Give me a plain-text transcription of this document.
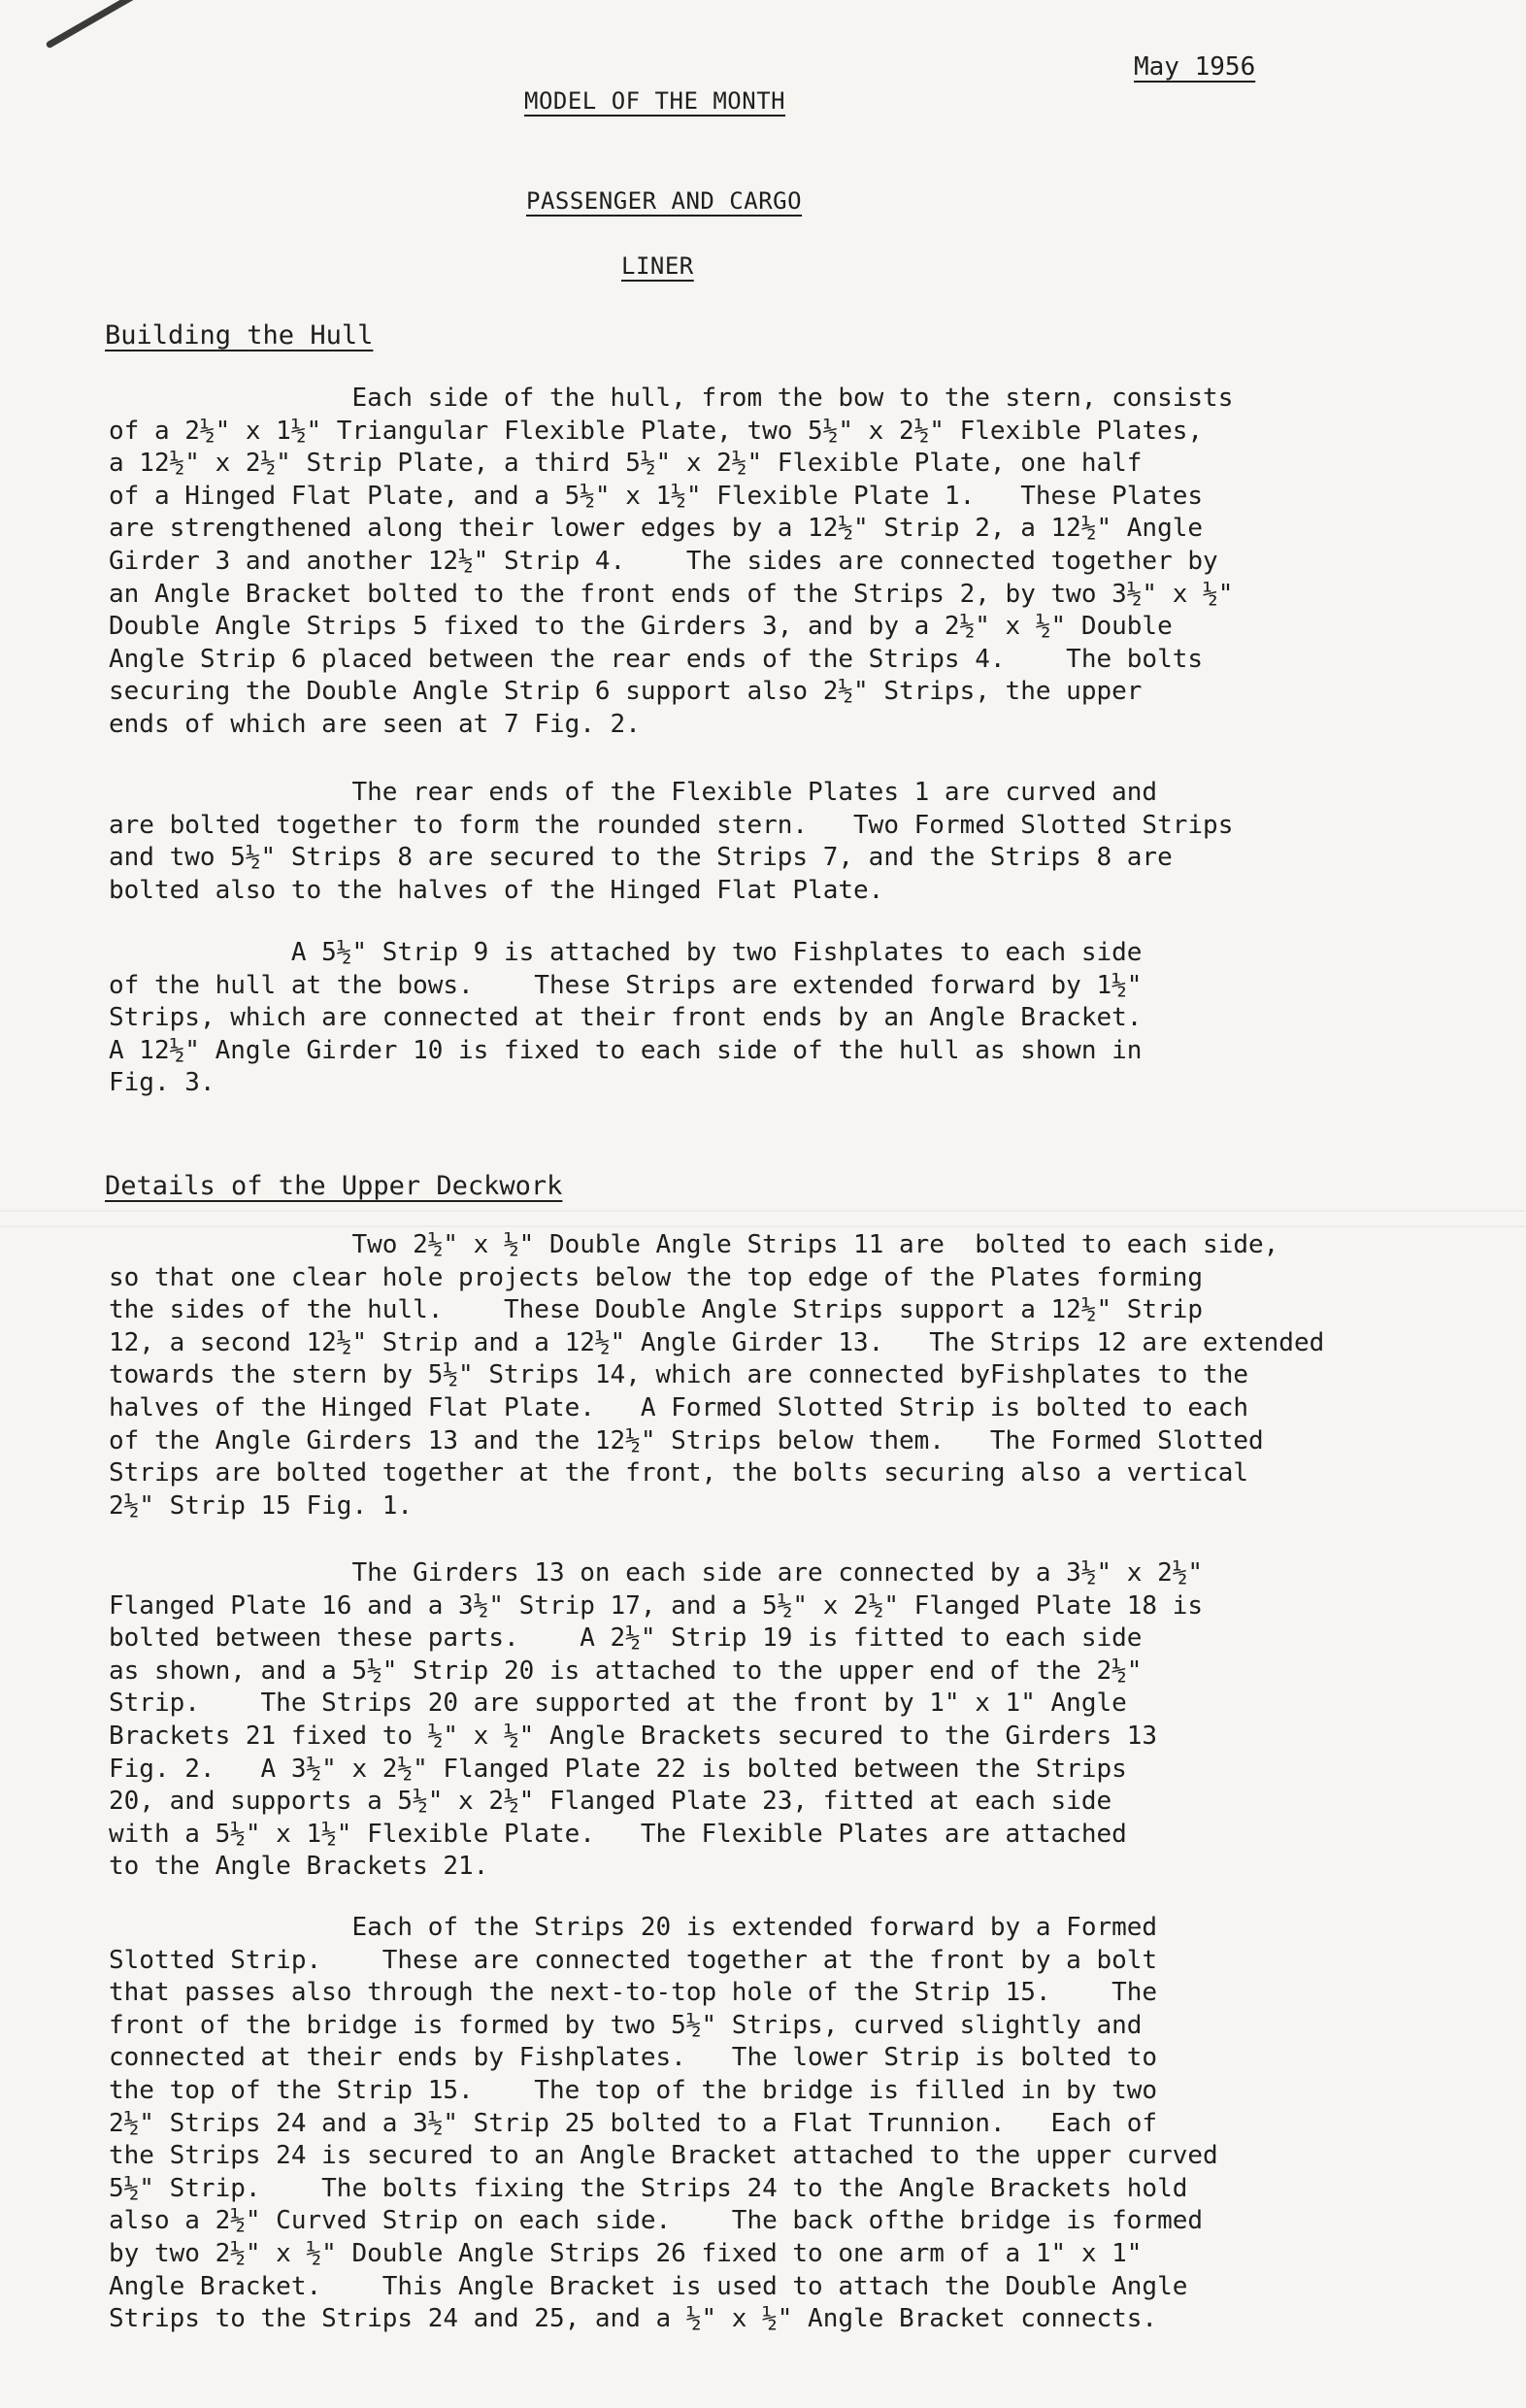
May 1956
MODEL OF THE MONTH
PASSENGER AND CARGO
LINER
Building the Hull
Each side of the hull, from the bow to the stern, consists
of a 2½" x 1½" Triangular Flexible Plate, two 5½" x 2½" Flexible Plates,
a 12½" x 2½" Strip Plate, a third 5½" x 2½" Flexible Plate, one half
of a Hinged Flat Plate, and a 5½" x 1½" Flexible Plate 1.   These Plates
are strengthened along their lower edges by a 12½" Strip 2, a 12½" Angle
Girder 3 and another 12½" Strip 4.    The sides are connected together by
an Angle Bracket bolted to the front ends of the Strips 2, by two 3½" x ½"
Double Angle Strips 5 fixed to the Girders 3, and by a 2½" x ½" Double
Angle Strip 6 placed between the rear ends of the Strips 4.    The bolts
securing the Double Angle Strip 6 support also 2½" Strips, the upper
ends of which are seen at 7 Fig. 2.
The rear ends of the Flexible Plates 1 are curved and
are bolted together to form the rounded stern.   Two Formed Slotted Strips
and two 5½" Strips 8 are secured to the Strips 7, and the Strips 8 are
bolted also to the halves of the Hinged Flat Plate.
A 5½" Strip 9 is attached by two Fishplates to each side
of the hull at the bows.    These Strips are extended forward by 1½"
Strips, which are connected at their front ends by an Angle Bracket.
A 12½" Angle Girder 10 is fixed to each side of the hull as shown in
Fig. 3.
Details of the Upper Deckwork
Two 2½" x ½" Double Angle Strips 11 are  bolted to each side,
so that one clear hole projects below the top edge of the Plates forming
the sides of the hull.    These Double Angle Strips support a 12½" Strip
12, a second 12½" Strip and a 12½" Angle Girder 13.   The Strips 12 are extended
towards the stern by 5½" Strips 14, which are connected byFishplates to the
halves of the Hinged Flat Plate.   A Formed Slotted Strip is bolted to each
of the Angle Girders 13 and the 12½" Strips below them.   The Formed Slotted
Strips are bolted together at the front, the bolts securing also a vertical
2½" Strip 15 Fig. 1.
The Girders 13 on each side are connected by a 3½" x 2½"
Flanged Plate 16 and a 3½" Strip 17, and a 5½" x 2½" Flanged Plate 18 is
bolted between these parts.    A 2½" Strip 19 is fitted to each side
as shown, and a 5½" Strip 20 is attached to the upper end of the 2½"
Strip.    The Strips 20 are supported at the front by 1" x 1" Angle
Brackets 21 fixed to ½" x ½" Angle Brackets secured to the Girders 13
Fig. 2.   A 3½" x 2½" Flanged Plate 22 is bolted between the Strips
20, and supports a 5½" x 2½" Flanged Plate 23, fitted at each side
with a 5½" x 1½" Flexible Plate.   The Flexible Plates are attached
to the Angle Brackets 21.
Each of the Strips 20 is extended forward by a Formed
Slotted Strip.    These are connected together at the front by a bolt
that passes also through the next-to-top hole of the Strip 15.    The
front of the bridge is formed by two 5½" Strips, curved slightly and
connected at their ends by Fishplates.   The lower Strip is bolted to
the top of the Strip 15.    The top of the bridge is filled in by two
2½" Strips 24 and a 3½" Strip 25 bolted to a Flat Trunnion.   Each of
the Strips 24 is secured to an Angle Bracket attached to the upper curved
5½" Strip.    The bolts fixing the Strips 24 to the Angle Brackets hold
also a 2½" Curved Strip on each side.    The back ofthe bridge is formed
by two 2½" x ½" Double Angle Strips 26 fixed to one arm of a 1" x 1"
Angle Bracket.    This Angle Bracket is used to attach the Double Angle
Strips to the Strips 24 and 25, and a ½" x ½" Angle Bracket connects.
